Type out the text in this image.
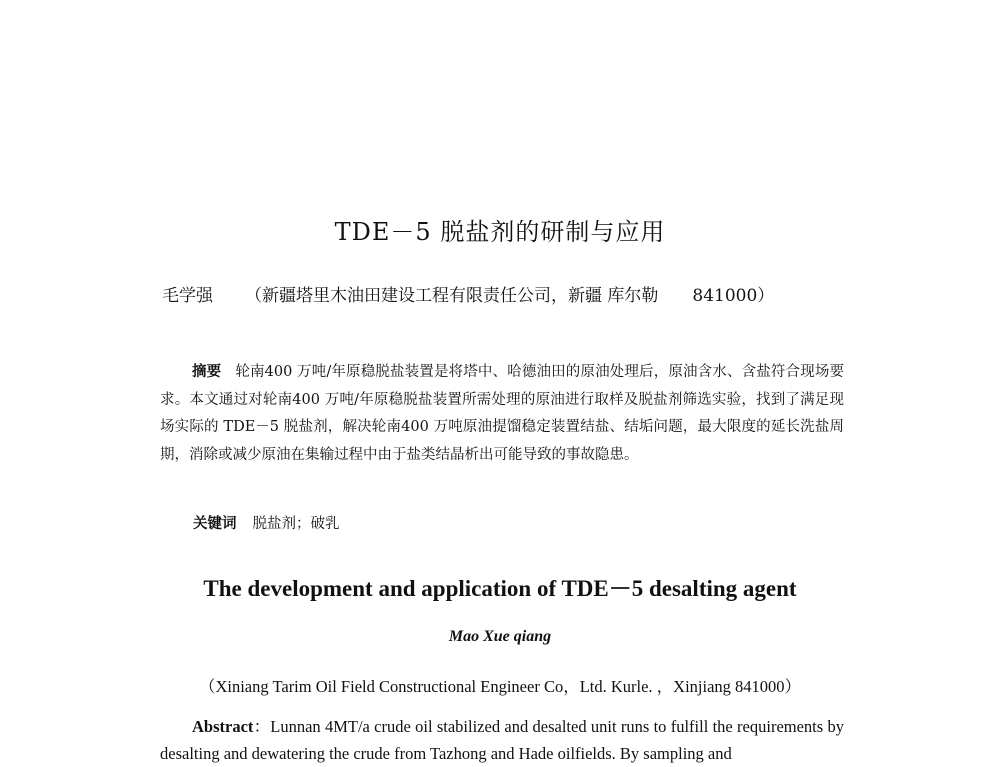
TDE－5 脱盐剂的研制与应用
毛学强 （新疆塔里木油田建设工程有限责任公司，新疆 库尔勒 841000）
摘要 轮南400 万吨/年原稳脱盐装置是将塔中、哈德油田的原油处理后，原油含水、含盐符合现场要求。本文通过对轮南400 万吨/年原稳脱盐装置所需处理的原油进行取样及脱盐剂筛选实验，找到了满足现场实际的 TDE－5 脱盐剂，解决轮南400 万吨原油提馏稳定装置结盐、结垢问题，最大限度的延长洗盐周期，消除或减少原油在集输过程中由于盐类结晶析出可能导致的事故隐患。
关键词 脱盐剂；破乳
The development and application of TDE－5 desalting agent
Mao Xue qiang
（Xiniang Tarim Oil Field Constructional Engineer Co，Ltd. Kurle. ，Xinjiang 841000）
Abstract：Lunnan 4MT/a crude oil stabilized and desalted unit runs to fulfill the requirements by desalting and dewatering the crude from Tazhong and Hade oilfields. By sampling and
